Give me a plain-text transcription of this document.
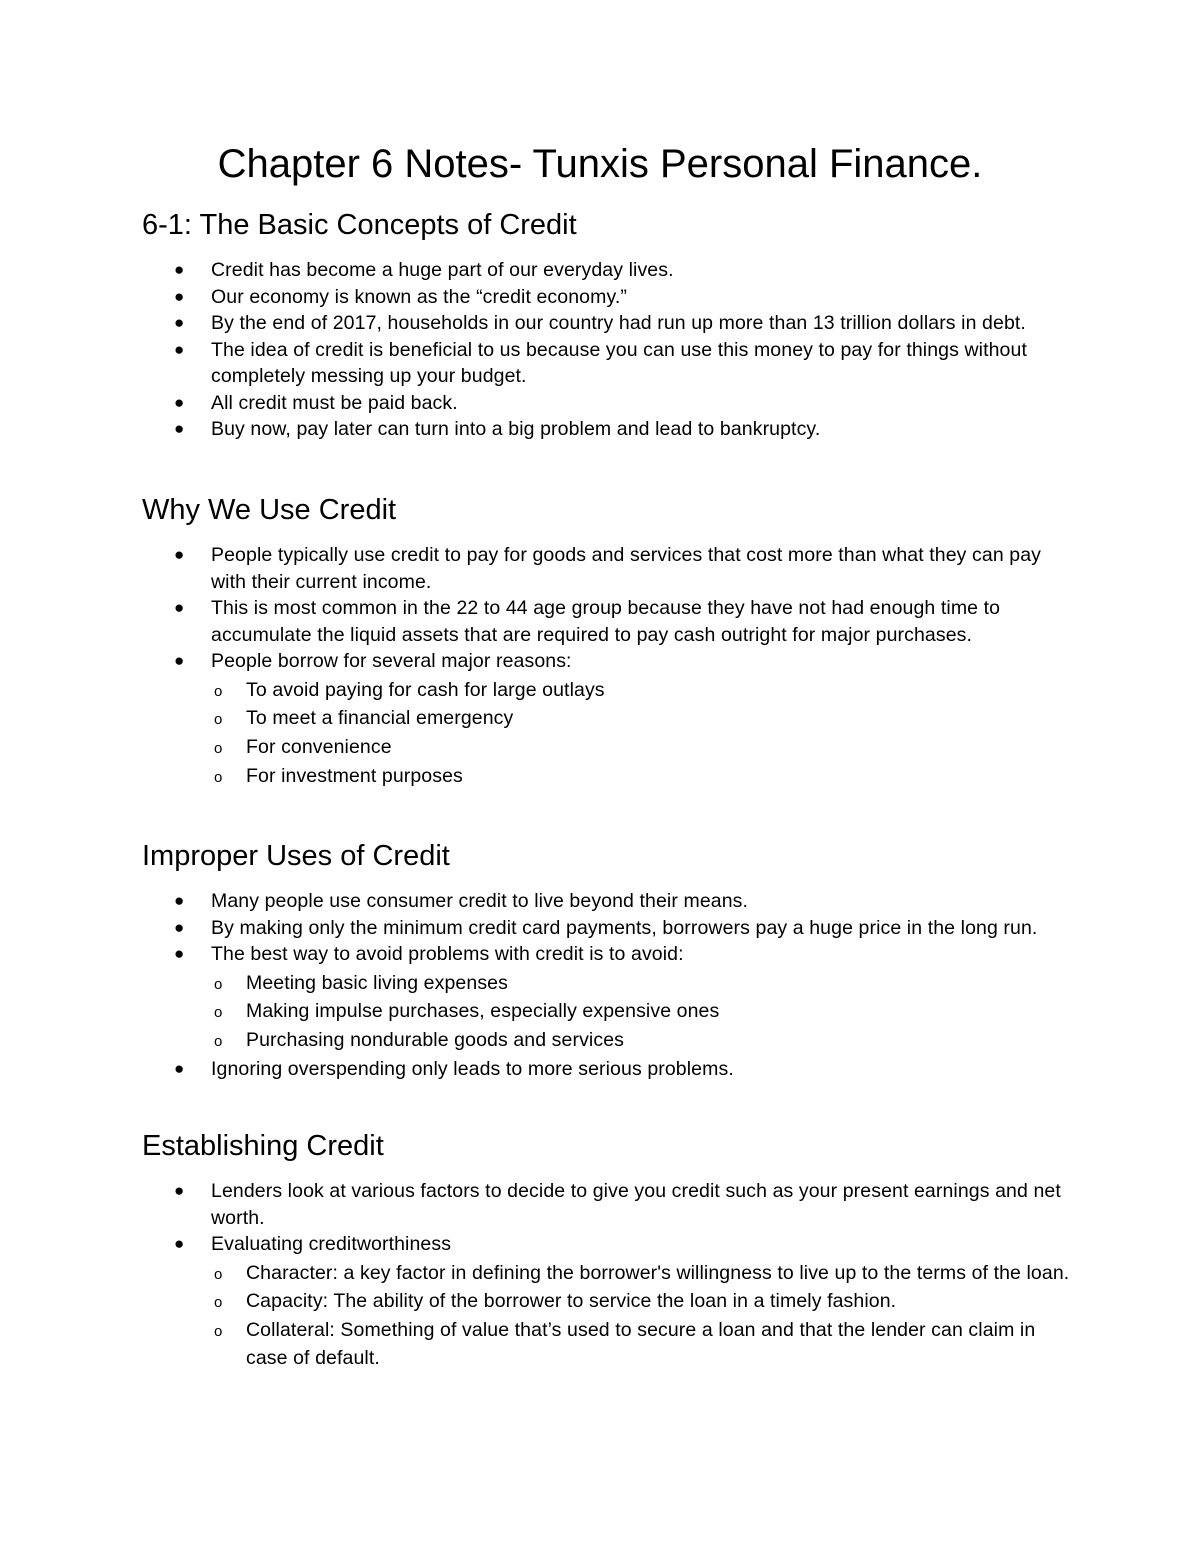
Chapter 6 Notes- Tunxis Personal Finance.
6-1: The Basic Concepts of Credit
● Credit has become a huge part of our everyday lives.
● Our economy is known as the “credit economy.”
● By the end of 2017, households in our country had run up more than 13 trillion dollars in debt.
● The idea of credit is beneficial to us because you can use this money to pay for things without completely messing up your budget.
● All credit must be paid back.
● Buy now, pay later can turn into a big problem and lead to bankruptcy.
Why We Use Credit
● People typically use credit to pay for goods and services that cost more than what they can pay with their current income.
● This is most common in the 22 to 44 age group because they have not had enough time to accumulate the liquid assets that are required to pay cash outright for major purchases.
● People borrow for several major reasons:
o To avoid paying for cash for large outlays
o To meet a financial emergency
o For convenience
o For investment purposes
Improper Uses of Credit
● Many people use consumer credit to live beyond their means.
● By making only the minimum credit card payments, borrowers pay a huge price in the long run.
● The best way to avoid problems with credit is to avoid:
o Meeting basic living expenses
o Making impulse purchases, especially expensive ones
o Purchasing nondurable goods and services
● Ignoring overspending only leads to more serious problems.
Establishing Credit
● Lenders look at various factors to decide to give you credit such as your present earnings and net worth.
● Evaluating creditworthiness
o Character: a key factor in defining the borrower's willingness to live up to the terms of the loan.
o Capacity: The ability of the borrower to service the loan in a timely fashion.
o Collateral: Something of value that’s used to secure a loan and that the lender can claim in case of default.
